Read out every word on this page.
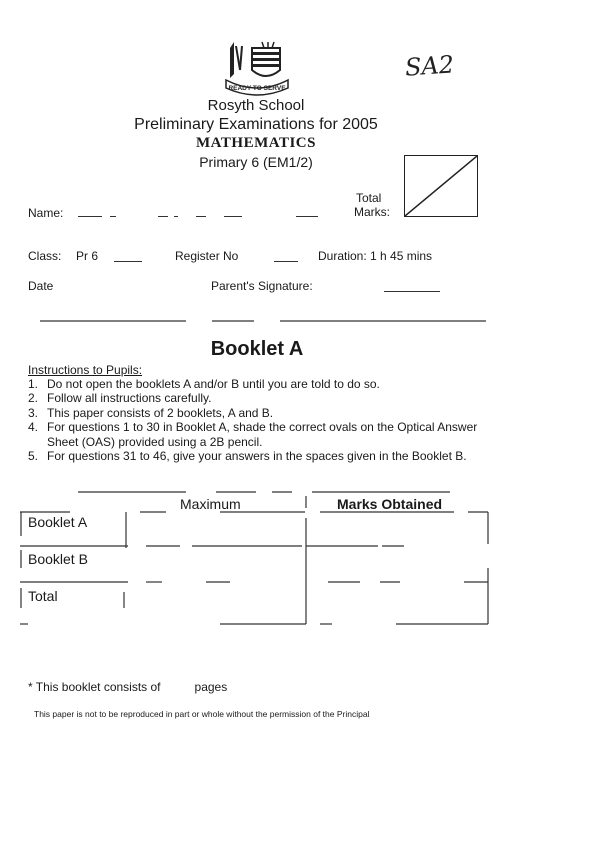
READY TO SERVE
SA2
Rosyth School
Preliminary Examinations for 2005
MATHEMATICS
Primary 6 (EM1/2)
Total
Marks:
Name:
Class: Pr 6	Register No	Duration: 1 h 45 mins
Date	Parent's Signature:
Booklet A
Instructions to Pupils:
1. Do not open the booklets A and/or B until you are told to do so.
2. Follow all instructions carefully.
3. This paper consists of 2 booklets, A and B.
4. For questions 1 to 30 in Booklet A, shade the correct ovals on the Optical Answer Sheet (OAS) provided using a 2B pencil.
5. For questions 31 to 46, give your answers in the spaces given in the Booklet B.
Maximum	Marks Obtained
Booklet A
Booklet B
Total
* This booklet consists of	pages
This paper is not to be reproduced in part or whole without the permission of the Principal
